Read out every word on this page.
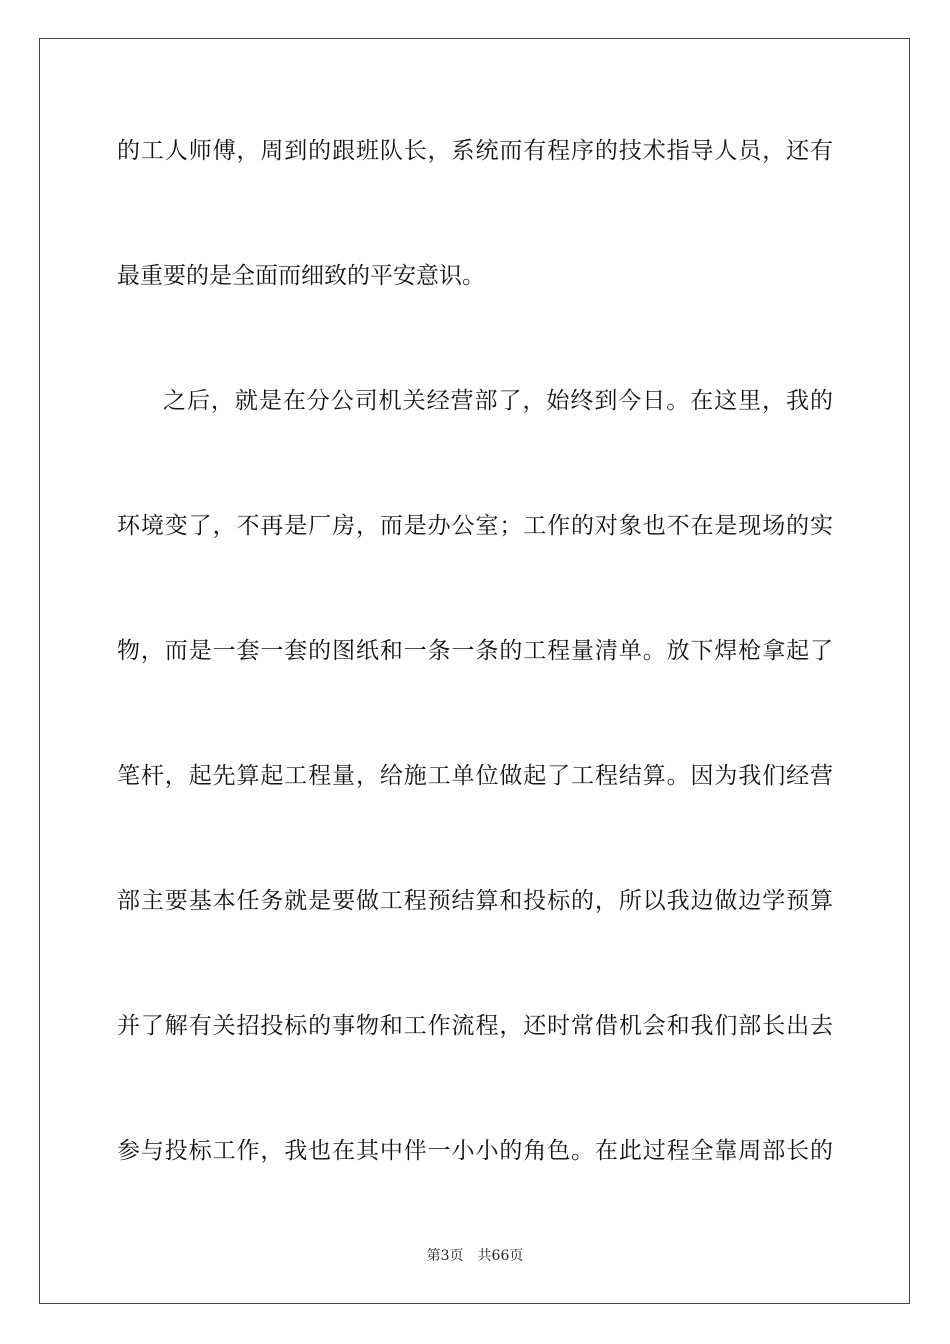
的工人师傅，周到的跟班队长，系统而有程序的技术指导人员，还有
最重要的是全面而细致的平安意识。
之后，就是在分公司机关经营部了，始终到今日。在这里，我的
环境变了，不再是厂房，而是办公室；工作的对象也不在是现场的实
物，而是一套一套的图纸和一条一条的工程量清单。放下焊枪拿起了
笔杆，起先算起工程量，给施工单位做起了工程结算。因为我们经营
部主要基本任务就是要做工程预结算和投标的，所以我边做边学预算
并了解有关招投标的事物和工作流程，还时常借机会和我们部长出去
参与投标工作，我也在其中伴一小小的角色。在此过程全靠周部长的
第3页 共66页
